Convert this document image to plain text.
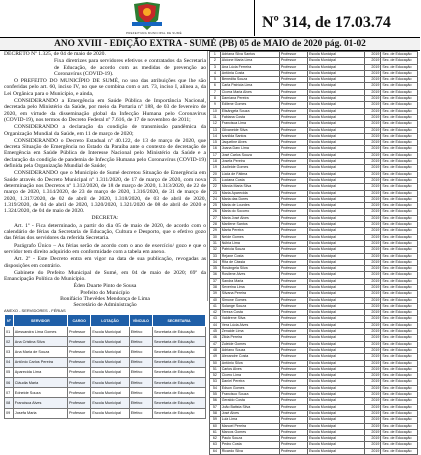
PREFEITURA MUNICIPAL DE SUMÉ
Nº 314, de 17.03.74
ANO XVIII - EDIÇÃO EXTRA - SUMÉ (PB) 05 de MAIO de 2020 pág. 01-02

DECRETO Nº 1.325, de 04 de maio de 2020.

Fixa diretrizes para servidores efetivos e contratados da Secretaria de Educação, de acordo com as medidas de prevenção ao Coronavírus (COVID-19).

O PREFEITO DO MUNICÍPIO DE SUMÉ, no uso das atribuições que lhe são conferidas pelo art. 60, inciso IV, no que se combina com o art. 73, inciso I, alínea a, da Lei Orgânica para o Município, e ainda,

CONSIDERANDO a Emergência em Saúde Pública de Importância Nacional, decretada pelo Ministério da Saúde, por meio da Portaria nº 188, de 03 de fevereiro de 2020, em virtude da disseminação global da Infecção Humana pelo Coronavírus (COVID-19), nos termos do Decreto Federal nº 7.616, de 17 de novembro de 2011;

CONSIDERANDO a declaração da condição de transmissão pandêmica da Organização Mundial da Saúde, em 11 de março de 2020;

CONSIDERANDO o Decreto Estadual nº 40.122, de 13 de março de 2020, que decreta Situação de Emergência no Estado da Paraíba ante o contexto de decretação de Emergência em Saúde Pública de Interesse Nacional pelo Ministério da Saúde e a declaração da condição de pandemia de Infecção Humana pelo Coronavírus (COVID-19) definida pela Organização Mundial de Saúde;

CONSIDERANDO que o Município de Sumé decretou Situação de Emergência em Saúde através do Decreto Municipal nº 1.311/2020, de 17 de março de 2020, com nova determinação nos Decretos nº 1.312/2020, de 18 de março de 2020, 1.313/2020, de 22 de março de 2020, 1.314/2020, de 23 de março de 2020, 1.316/2020, de 31 de março de 2020, 1.317/2020, de 02 de abril de 2020, 1.318/2020, de 03 de abril de 2020, 1.319/2020, de 04 de abril de 2020, 1.320/2020, 1.321/2020 de 08 de abril de 2020 e 1.324/2020, de 04 de maio de 2020.

DECRETA:

Art. 1º - Fica determinado, a partir do dia 05 de maio de 2020, de acordo com o calendário de férias da Secretaria de Educação, Cultura e Desporto, que o efetivo gozo das férias dos servidores da referida Secretaria.

Parágrafo Único – As férias serão de acordo com o ano de exercício/ gozo e que o servidor tem direito adquirido em conformidade com a tabela em anexo.

Art. 2º - Este Decreto entra em vigor na data de sua publicação, revogadas as disposições em contrário.

Gabinete do Prefeito Municipal de Sumé, em 04 de maio de 2020; 69º da Emancipação Política do Município.

Éden Duarte Pinto de Sousa
Prefeito do Município
Bonifácio Thevêdes Mendonça de Lima
Secretário de Administração
ANEXO - SERVIDORES - FÉRIAS
Nº	SERVIDOR	CARGO	LOTAÇÃO	VÍNCULO	SECRETARIA
01	Alessandra Lima Gomes	Professor	Escola Municipal	Efetivo	Secretaria de Educação
02	Ana Cristina Silva	Professor	Escola Municipal	Efetivo	Secretaria de Educação
03	Ana Maria de Souza	Professor	Escola Municipal	Efetivo	Secretaria de Educação
04	Antônio Carlos Pereira	Professor	Escola Municipal	Efetivo	Secretaria de Educação
05	Aparecida Lima	Professor	Escola Municipal	Efetivo	Secretaria de Educação
06	Cláudia Maria	Professor	Escola Municipal	Efetivo	Secretaria de Educação
07	Edneide Souza	Professor	Escola Municipal	Efetivo	Secretaria de Educação
08	Francisca Alves	Professor	Escola Municipal	Efetivo	Secretaria de Educação
09	Josefa Maria	Professor	Escola Municipal	Efetivo	Secretaria de Educação
1	Adriana Silva Santos	Professor	Escola Municipal	2019	Sec. de Educação
2	Alcione Maria Lima	Professor	Escola Municipal	2019	Sec. de Educação
3	Ana Lúcia Ferreira	Professor	Escola Municipal	2019	Sec. de Educação
4	Antônia Costa	Professor	Escola Municipal	2019	Sec. de Educação
5	Benedita Souza	Professor	Escola Municipal	2019	Sec. de Educação
6	Carla Patrícia Lima	Professor	Escola Municipal	2019	Sec. de Educação
7	Cícera Maria Alves	Professor	Escola Municipal	2019	Sec. de Educação
8	Damiana Pereira	Professor	Escola Municipal	2019	Sec. de Educação
9	Edilene Gomes	Professor	Escola Municipal	2019	Sec. de Educação
10	Elisângela Souza	Professor	Escola Municipal	2019	Sec. de Educação
11	Fabiana Costa	Professor	Escola Municipal	2019	Sec. de Educação
12	Francisca Lima	Professor	Escola Municipal	2019	Sec. de Educação
13	Gilvaneide Silva	Professor	Escola Municipal	2019	Sec. de Educação
14	Ivanilda Santos	Professor	Escola Municipal	2019	Sec. de Educação
15	Jaqueline Alves	Professor	Escola Municipal	2019	Sec. de Educação
16	Joana Darc Lima	Professor	Escola Municipal	2019	Sec. de Educação
17	José Carlos Souza	Professor	Escola Municipal	2019	Sec. de Educação
18	Josefa Pereira	Professor	Escola Municipal	2019	Sec. de Educação
19	Jucileide Gomes	Professor	Escola Municipal	2019	Sec. de Educação
20	Lúcia de Fátima	Professor	Escola Municipal	2019	Sec. de Educação
21	Luciana Costa	Professor	Escola Municipal	2019	Sec. de Educação
22	Márcia Maria Silva	Professor	Escola Municipal	2019	Sec. de Educação
23	Maria Aparecida	Professor	Escola Municipal	2019	Sec. de Educação
24	Maria das Dores	Professor	Escola Municipal	2019	Sec. de Educação
25	Maria de Lourdes	Professor	Escola Municipal	2019	Sec. de Educação
26	Maria do Socorro	Professor	Escola Municipal	2019	Sec. de Educação
27	Maria José Alves	Professor	Escola Municipal	2019	Sec. de Educação
28	Marilene Santos	Professor	Escola Municipal	2019	Sec. de Educação
29	Marta Pereira	Professor	Escola Municipal	2019	Sec. de Educação
30	Neide Gomes	Professor	Escola Municipal	2019	Sec. de Educação
31	Núbia Lima	Professor	Escola Municipal	2019	Sec. de Educação
32	Patrícia Souza	Professor	Escola Municipal	2019	Sec. de Educação
33	Rejane Costa	Professor	Escola Municipal	2019	Sec. de Educação
34	Rita de Cássia	Professor	Escola Municipal	2019	Sec. de Educação
35	Rosângela Silva	Professor	Escola Municipal	2019	Sec. de Educação
36	Rosilene Alves	Professor	Escola Municipal	2019	Sec. de Educação
37	Sandra Maria	Professor	Escola Municipal	2019	Sec. de Educação
38	Severina Lima	Professor	Escola Municipal	2019	Sec. de Educação
39	Silvana Pereira	Professor	Escola Municipal	2019	Sec. de Educação
40	Simone Gomes	Professor	Escola Municipal	2019	Sec. de Educação
41	Solange Souza	Professor	Escola Municipal	2019	Sec. de Educação
42	Tereza Costa	Professor	Escola Municipal	2019	Sec. de Educação
43	Valdirene Silva	Professor	Escola Municipal	2019	Sec. de Educação
44	Vera Lúcia Alves	Professor	Escola Municipal	2019	Sec. de Educação
45	Zenaide Lima	Professor	Escola Municipal	2019	Sec. de Educação
46	Zilda Pereira	Professor	Escola Municipal	2019	Sec. de Educação
47	Zuleide Gomes	Professor	Escola Municipal	2019	Sec. de Educação
48	Adriano Souza	Professor	Escola Municipal	2019	Sec. de Educação
49	Alexandre Costa	Professor	Escola Municipal	2019	Sec. de Educação
50	Antônio Silva	Professor	Escola Municipal	2019	Sec. de Educação
51	Carlos Alves	Professor	Escola Municipal	2019	Sec. de Educação
52	Cícero Lima	Professor	Escola Municipal	2019	Sec. de Educação
53	Daniel Pereira	Professor	Escola Municipal	2019	Sec. de Educação
54	Edson Gomes	Professor	Escola Municipal	2019	Sec. de Educação
55	Francisco Souza	Professor	Escola Municipal	2019	Sec. de Educação
56	Geraldo Costa	Professor	Escola Municipal	2019	Sec. de Educação
57	João Batista Silva	Professor	Escola Municipal	2019	Sec. de Educação
58	José Alves	Professor	Escola Municipal	2019	Sec. de Educação
59	Luiz Lima	Professor	Escola Municipal	2019	Sec. de Educação
60	Manoel Pereira	Professor	Escola Municipal	2019	Sec. de Educação
61	Marcos Gomes	Professor	Escola Municipal	2019	Sec. de Educação
62	Paulo Souza	Professor	Escola Municipal	2019	Sec. de Educação
63	Pedro Costa	Professor	Escola Municipal	2019	Sec. de Educação
64	Ricardo Silva	Professor	Escola Municipal	2019	Sec. de Educação
